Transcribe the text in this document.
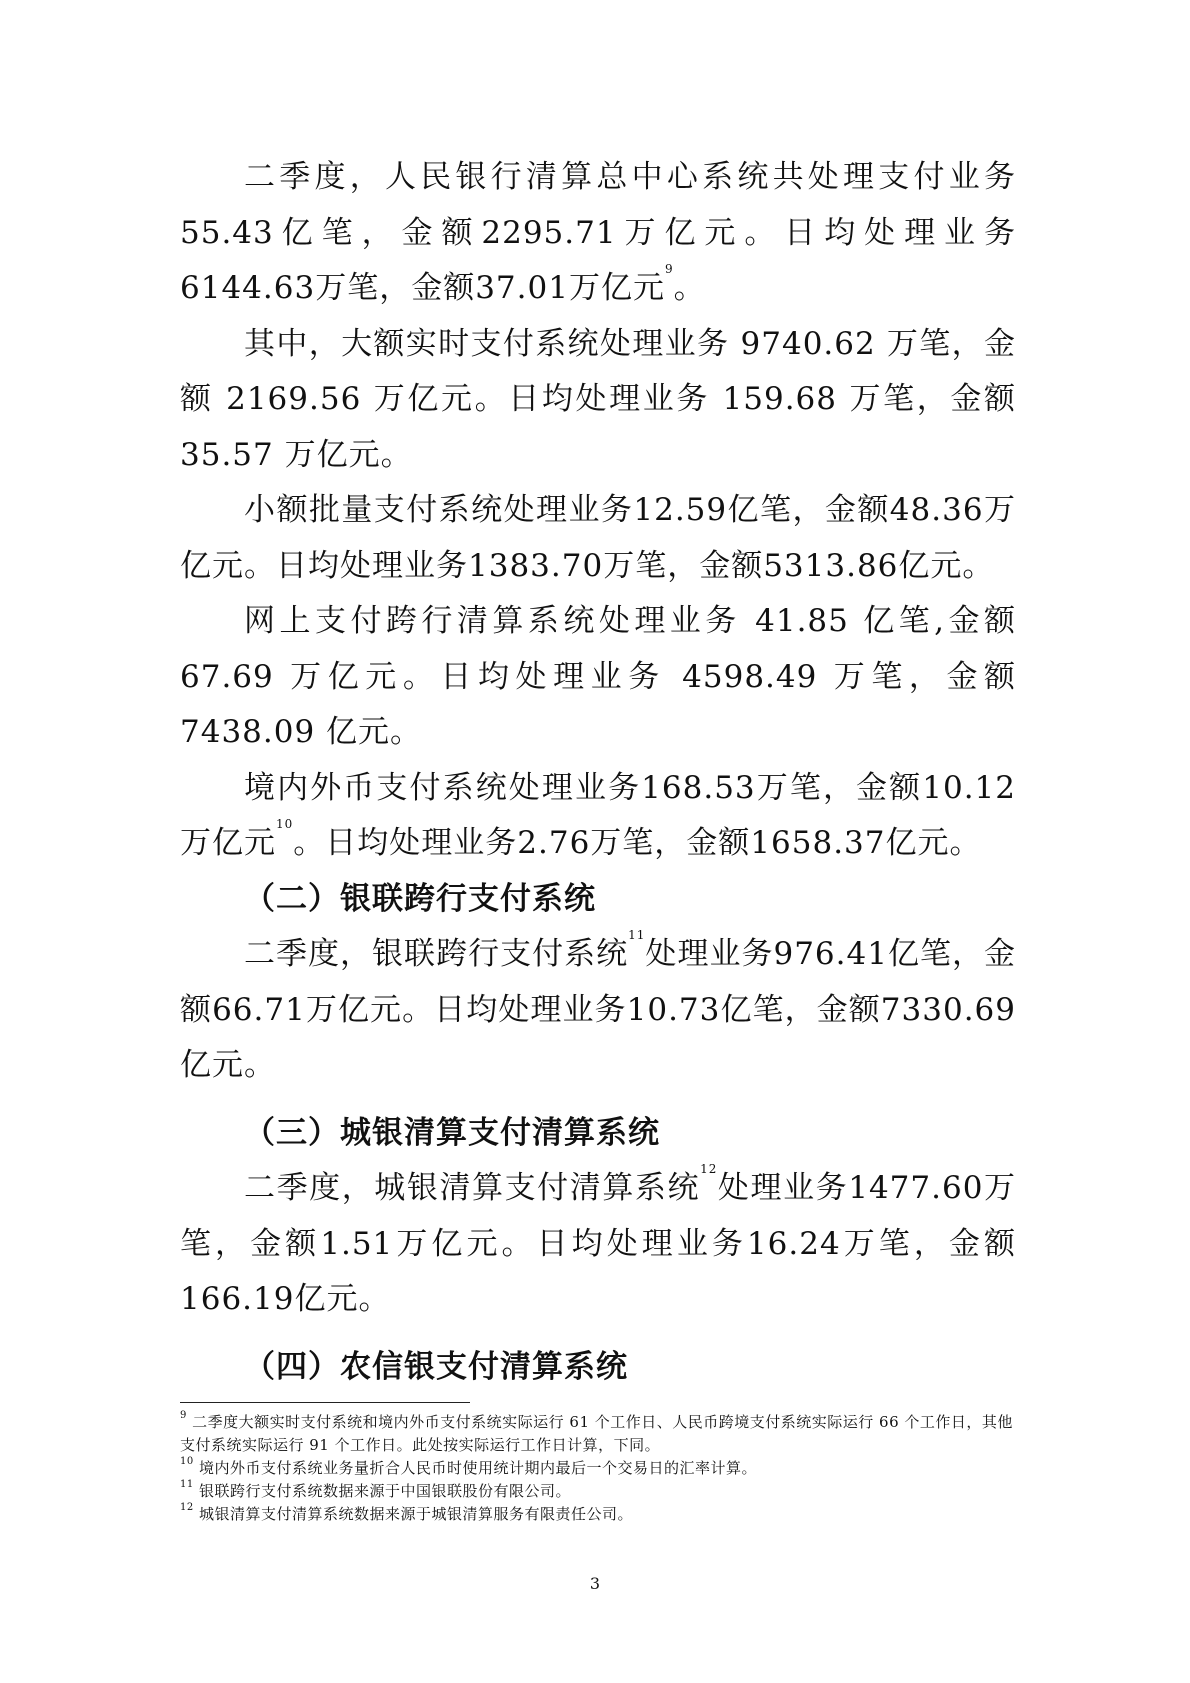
二季度，人民银行清算总中心系统共处理支付业务55.43亿笔，金额2295.71万亿元。日均处理业务6144.63万笔，金额37.01万亿元$^9$。

其中，大额实时支付系统处理业务 9740.62 万笔，金额 2169.56 万亿元。日均处理业务 159.68 万笔，金额 35.57 万亿元。

小额批量支付系统处理业务12.59亿笔，金额48.36万亿元。日均处理业务1383.70万笔，金额5313.86亿元。

网上支付跨行清算系统处理业务 41.85 亿笔,金额 67.69 万亿元。日均处理业务 4598.49 万笔，金额 7438.09 亿元。

境内外币支付系统处理业务168.53万笔，金额10.12万亿元$^{10}$。日均处理业务2.76万笔，金额1658.37亿元。

（二）银联跨行支付系统

二季度，银联跨行支付系统$^{11}$处理业务976.41亿笔，金额66.71万亿元。日均处理业务10.73亿笔，金额7330.69亿元。

（三）城银清算支付清算系统

二季度，城银清算支付清算系统$^{12}$处理业务1477.60万笔，金额1.51万亿元。日均处理业务16.24万笔，金额166.19亿元。

（四）农信银支付清算系统

$^9$ 二季度大额实时支付系统和境内外币支付系统实际运行 61 个工作日、人民币跨境支付系统实际运行 66 个工作日，其他支付系统实际运行 91 个工作日。此处按实际运行工作日计算，下同。

$^{10}$ 境内外币支付系统业务量折合人民币时使用统计期内最后一个交易日的汇率计算。

$^{11}$ 银联跨行支付系统数据来源于中国银联股份有限公司。

$^{12}$ 城银清算支付清算系统数据来源于城银清算服务有限责任公司。

3
